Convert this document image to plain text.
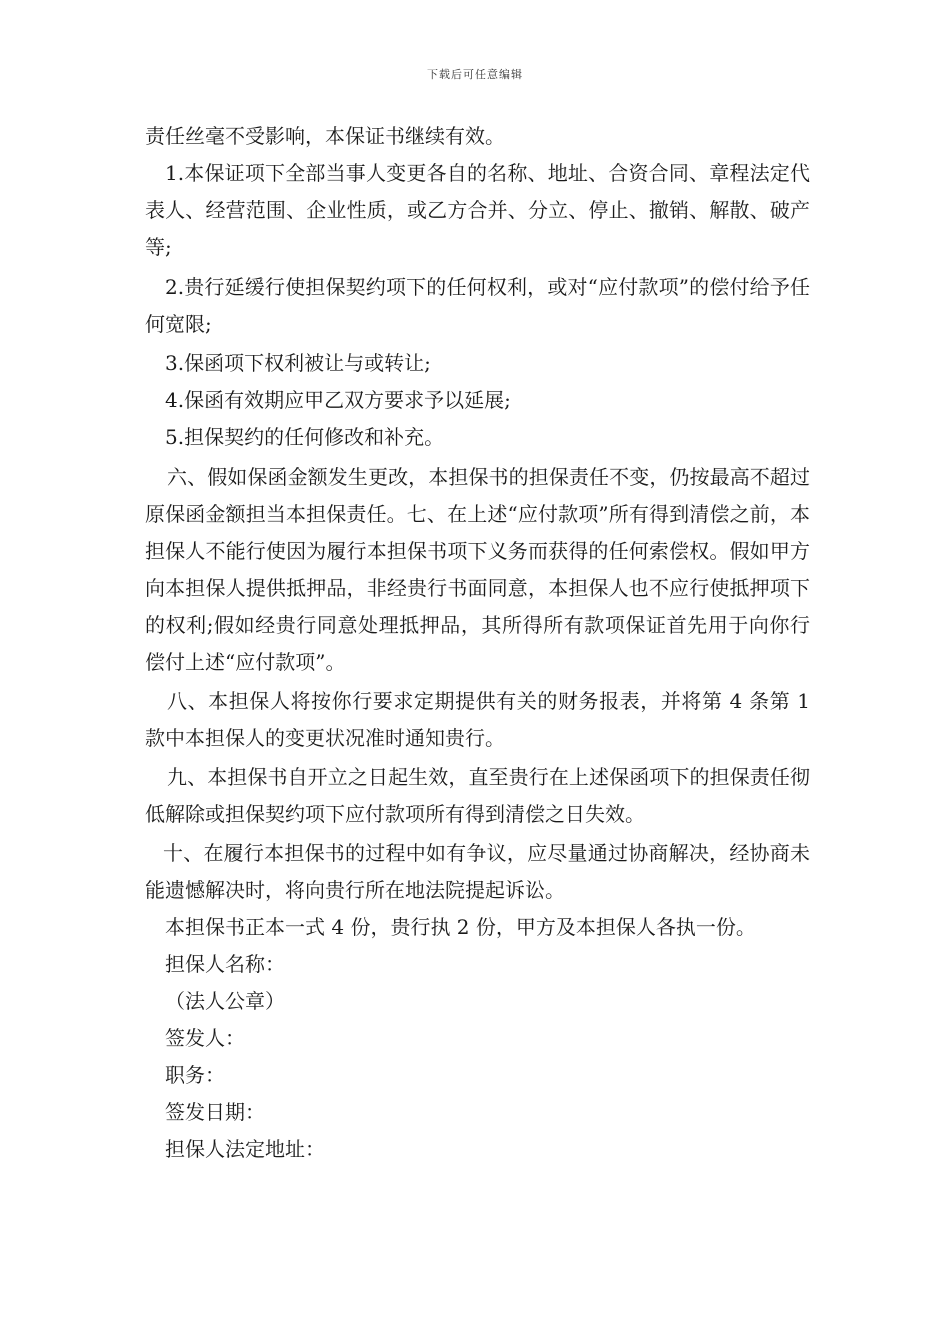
下载后可任意编辑

责任丝毫不受影响，本保证书继续有效。

1.本保证项下全部当事人变更各自的名称、地址、合资合同、章程法定代表人、经营范围、企业性质，或乙方合并、分立、停止、撤销、解散、破产等;

2.贵行延缓行使担保契约项下的任何权利，或对“应付款项”的偿付给予任何宽限;

3.保函项下权利被让与或转让;

4.保函有效期应甲乙双方要求予以延展;

5.担保契约的任何修改和补充。

六、假如保函金额发生更改，本担保书的担保责任不变，仍按最高不超过原保函金额担当本担保责任。七、在上述“应付款项”所有得到清偿之前，本担保人不能行使因为履行本担保书项下义务而获得的任何索偿权。假如甲方向本担保人提供抵押品，非经贵行书面同意，本担保人也不应行使抵押项下的权利;假如经贵行同意处理抵押品，其所得所有款项保证首先用于向你行偿付上述“应付款项”。

八、本担保人将按你行要求定期提供有关的财务报表，并将第 4 条第 1 款中本担保人的变更状况准时通知贵行。

九、本担保书自开立之日起生效，直至贵行在上述保函项下的担保责任彻低解除或担保契约项下应付款项所有得到清偿之日失效。

十、在履行本担保书的过程中如有争议，应尽量通过协商解决，经协商未能遗憾解决时，将向贵行所在地法院提起诉讼。

本担保书正本一式 4 份，贵行执 2 份，甲方及本担保人各执一份。

担保人名称：

（法人公章）

签发人：

职务：

签发日期：

担保人法定地址：
